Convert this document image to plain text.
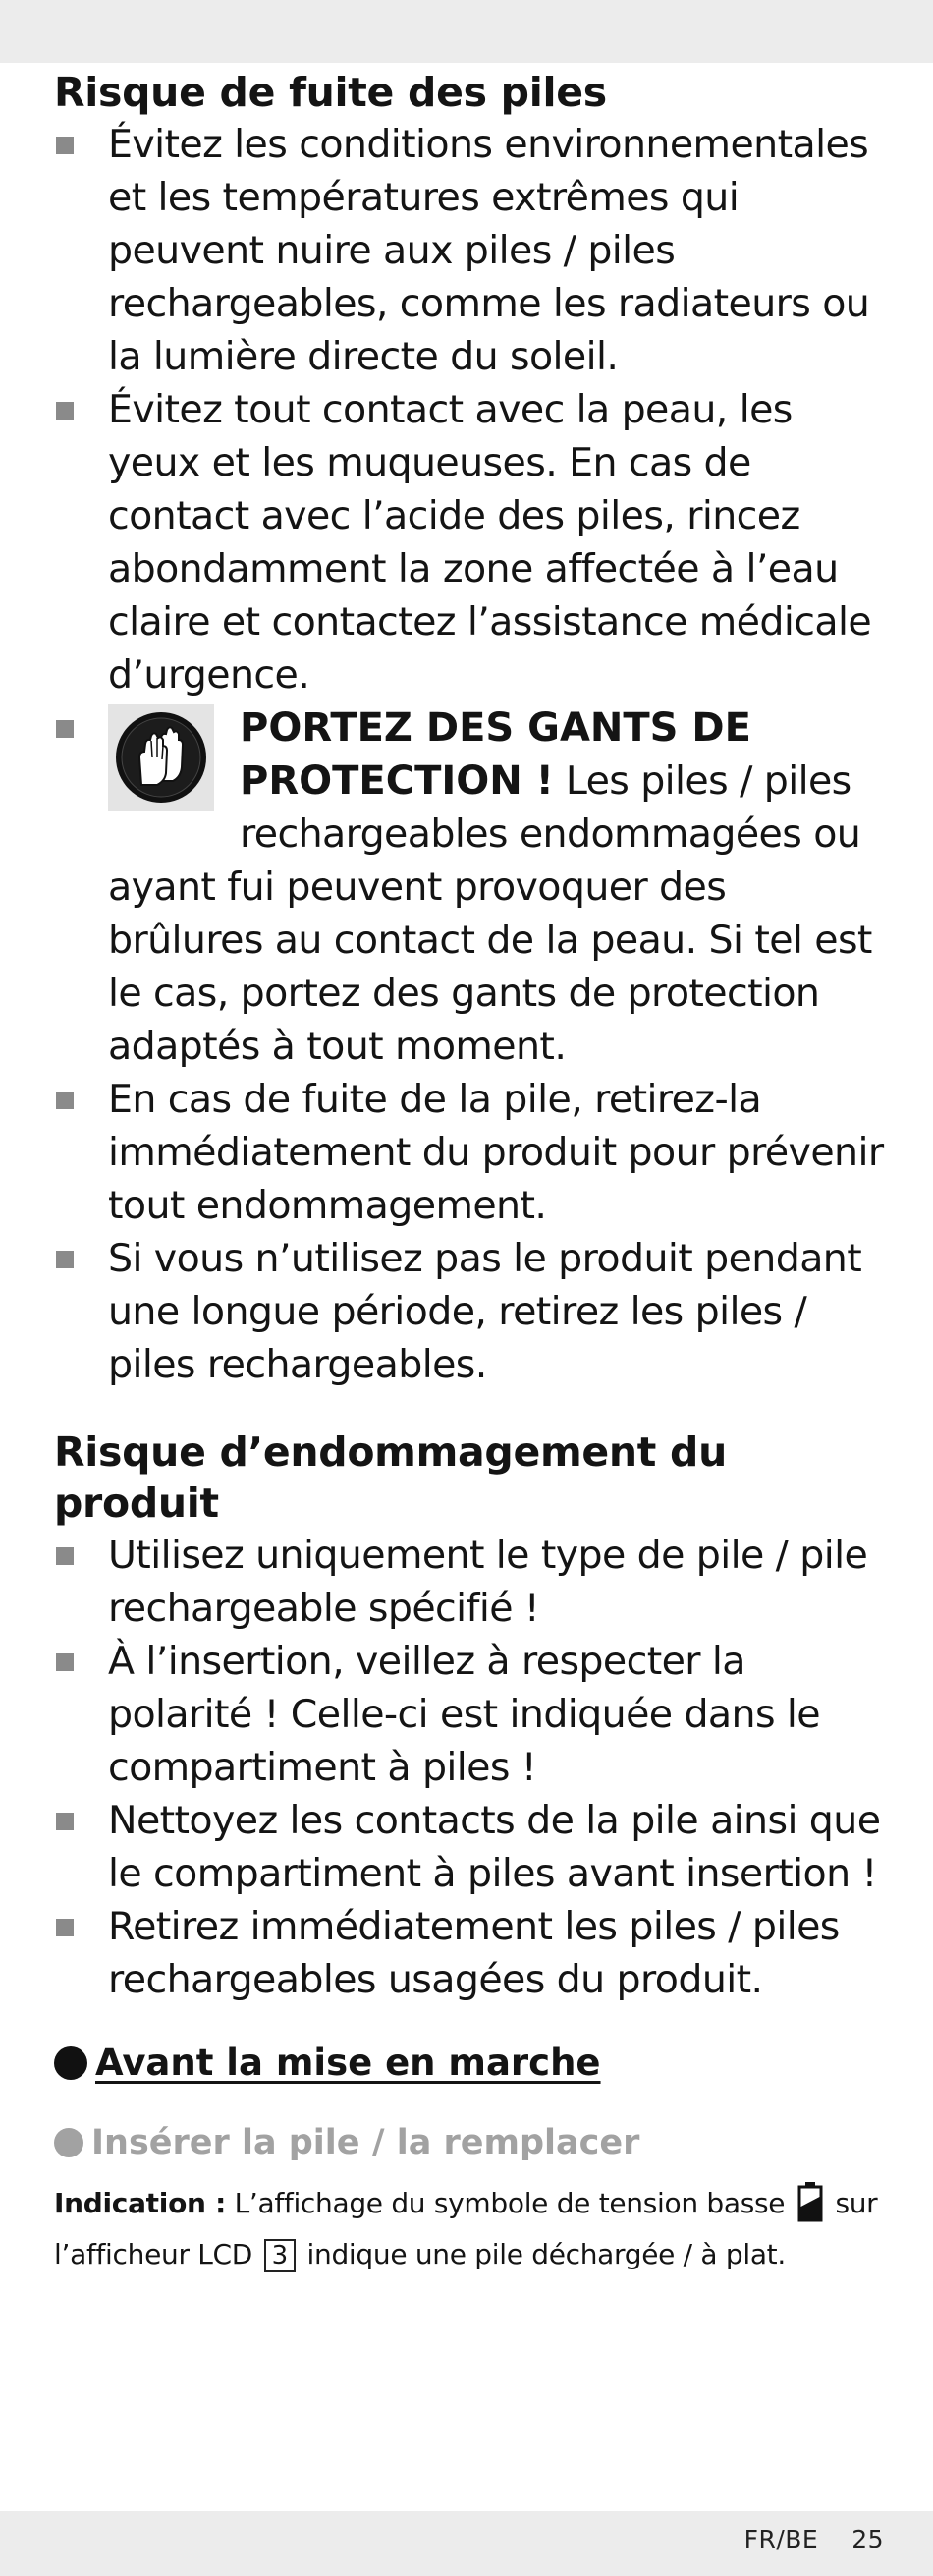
Risque de fuite des piles
Évitez les conditions environnementales et les températures extrêmes qui peuvent nuire aux piles / piles rechargeables, comme les radiateurs ou la lumière directe du soleil.
Évitez tout contact avec la peau, les yeux et les muqueuses. En cas de contact avec l’acide des piles, rincez abondamment la zone affectée à l’eau claire et contactez l’assistance médicale d’urgence.
PORTEZ DES GANTS DE
PROTECTION ! Les piles / piles
rechargeables endommagées ou
ayant fui peuvent provoquer des brûlures au contact de la peau. Si tel est le cas, portez des gants de protection adaptés à tout moment.
En cas de fuite de la pile, retirez-la immédiatement du produit pour prévenir tout endommagement.
Si vous n’utilisez pas le produit pendant une longue période, retirez les piles / piles rechargeables.
Risque d’endommagement du produit
Utilisez uniquement le type de pile / pile rechargeable spécifié !
À l’insertion, veillez à respecter la polarité ! Celle-ci est indiquée dans le compartiment à piles !
Nettoyez les contacts de la pile ainsi que le compartiment à piles avant insertion !
Retirez immédiatement les piles / piles rechargeables usagées du produit.
Avant la mise en marche
Insérer la pile / la remplacer

Indication : L’affichage du symbole de tension basse  sur l’afficheur LCD 3 indique une pile déchargée / à plat.

FR/BE 25
